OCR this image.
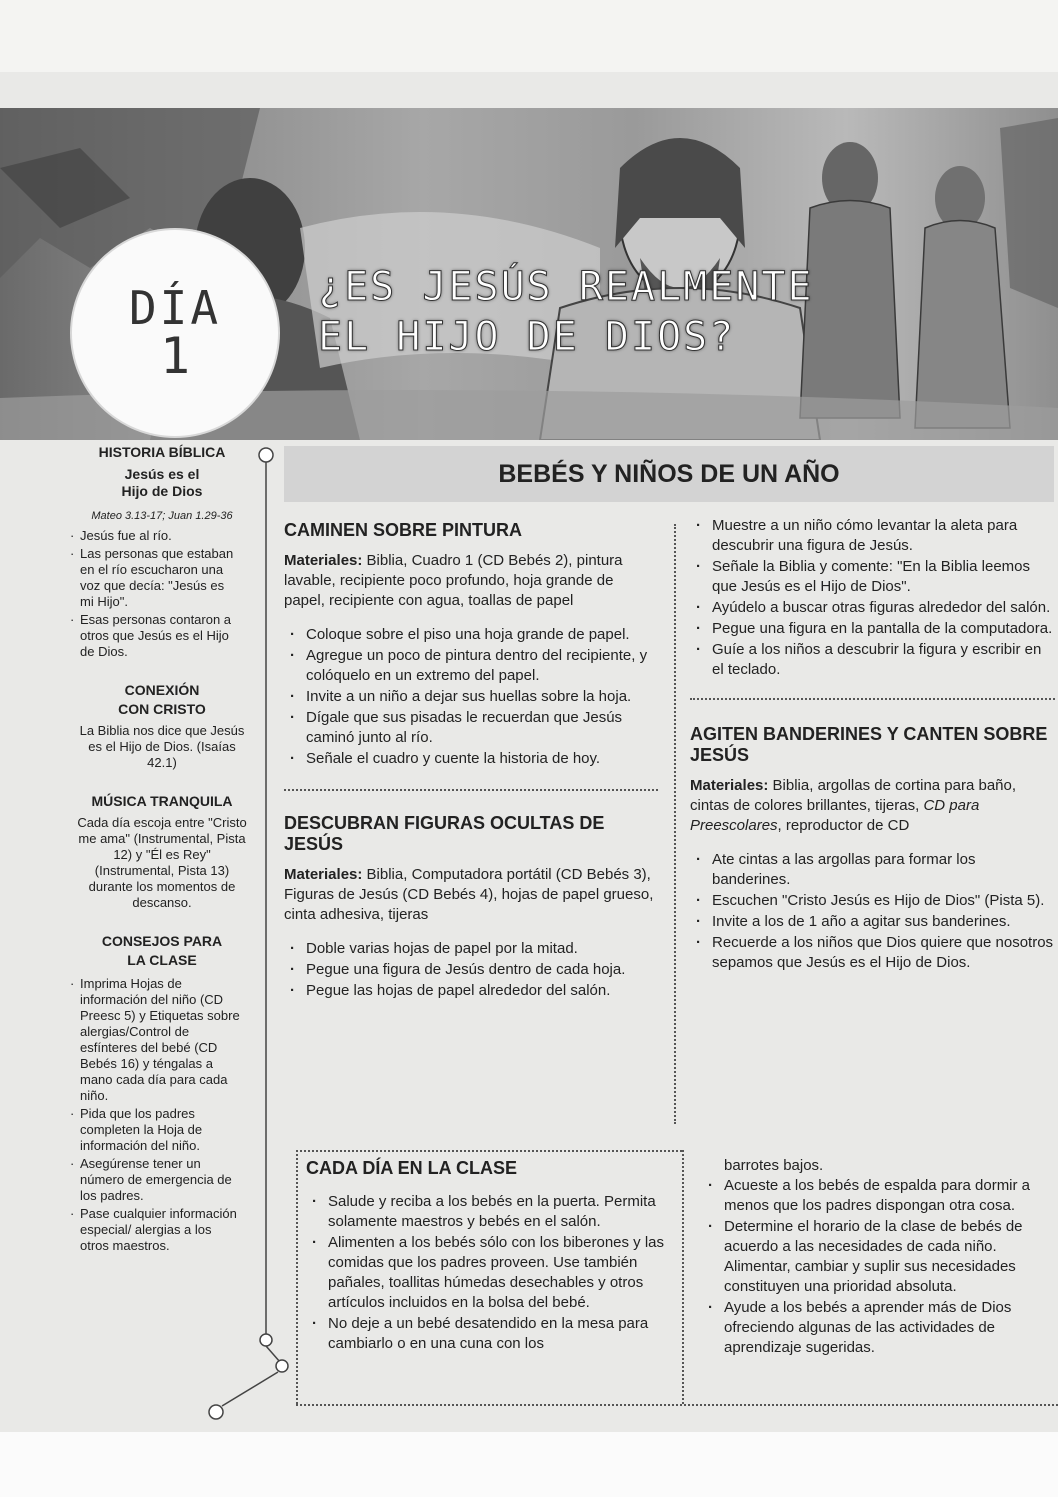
DÍA
1
¿ES JESÚS REALMENTE
EL HIJO DE DIOS?

HISTORIA BÍBLICA

Jesús es el

Hijo de Dios

Mateo 3.13-17; Juan 1.29-36

· Jesús fue al río.
· Las personas que estaban en el río escucharon una voz que decía: "Jesús es mi Hijo".
· Esas personas contaron a otros que Jesús es el Hijo de Dios.

CONEXIÓN

CON CRISTO

La Biblia nos dice que Jesús es el Hijo de Dios. (Isaías 42.1)

MÚSICA TRANQUILA

Cada día escoja entre "Cristo me ama" (Instrumental, Pista 12) y "Él es Rey" (Instrumental, Pista 13) durante los momentos de descanso.

CONSEJOS PARA

LA CLASE

· Imprima Hojas de información del niño (CD Preesc 5) y Etiquetas sobre alergias/Control de esfínteres del bebé (CD Bebés 16) y téngalas a mano cada día para cada niño.
· Pida que los padres completen la Hoja de información del niño.
· Asegúrense tener un número de emergencia de los padres.
· Pase cualquier información especial/ alergias a los otros maestros.
BEBÉS Y NIÑOS DE UN AÑO
CAMINEN SOBRE PINTURA

Materiales: Biblia, Cuadro 1 (CD Bebés 2), pintura lavable, recipiente poco profundo, hoja grande de papel, recipiente con agua, toallas de papel

· Coloque sobre el piso una hoja grande de papel.
· Agregue un poco de pintura dentro del recipiente, y colóquelo en un extremo del papel.
· Invite a un niño a dejar sus huellas sobre la hoja.
· Dígale que sus pisadas le recuerdan que Jesús caminó junto al río.
· Señale el cuadro y cuente la historia de hoy.
DESCUBRAN FIGURAS OCULTAS DE JESÚS

Materiales: Biblia, Computadora portátil (CD Bebés 3), Figuras de Jesús (CD Bebés 4), hojas de papel grueso, cinta adhesiva, tijeras

· Doble varias hojas de papel por la mitad.
· Pegue una figura de Jesús dentro de cada hoja.
· Pegue las hojas de papel alrededor del salón.
· Muestre a un niño cómo levantar la aleta para descubrir una figura de Jesús.
· Señale la Biblia y comente: "En la Biblia leemos que Jesús es el Hijo de Dios".
· Ayúdelo a buscar otras figuras alrededor del salón.
· Pegue una figura en la pantalla de la computadora.
· Guíe a los niños a descubrir la figura y escribir en el teclado.
AGITEN BANDERINES Y CANTEN SOBRE JESÚS

Materiales: Biblia, argollas de cortina para baño, cintas de colores brillantes, tijeras, CD para Preescolares, reproductor de CD

· Ate cintas a las argollas para formar los banderines.
· Escuchen "Cristo Jesús es Hijo de Dios" (Pista 5).
· Invite a los de 1 año a agitar sus banderines.
· Recuerde a los niños que Dios quiere que nosotros sepamos que Jesús es el Hijo de Dios.
CADA DÍA EN LA CLASE
· Salude y reciba a los bebés en la puerta. Permita solamente maestros y bebés en el salón.
· Alimenten a los bebés sólo con los biberones y las comidas que los padres proveen. Use también pañales, toallitas húmedas desechables y otros artículos incluidos en la bolsa del bebé.
· No deje a un bebé desatendido en la mesa para cambiarlo o en una cuna con los
barrotes bajos.
· Acueste a los bebés de espalda para dormir a menos que los padres dispongan otra cosa.
· Determine el horario de la clase de bebés de acuerdo a las necesidades de cada niño. Alimentar, cambiar y suplir sus necesidades constituyen una prioridad absoluta.
· Ayude a los bebés a aprender más de Dios ofreciendo algunas de las actividades de aprendizaje sugeridas.
